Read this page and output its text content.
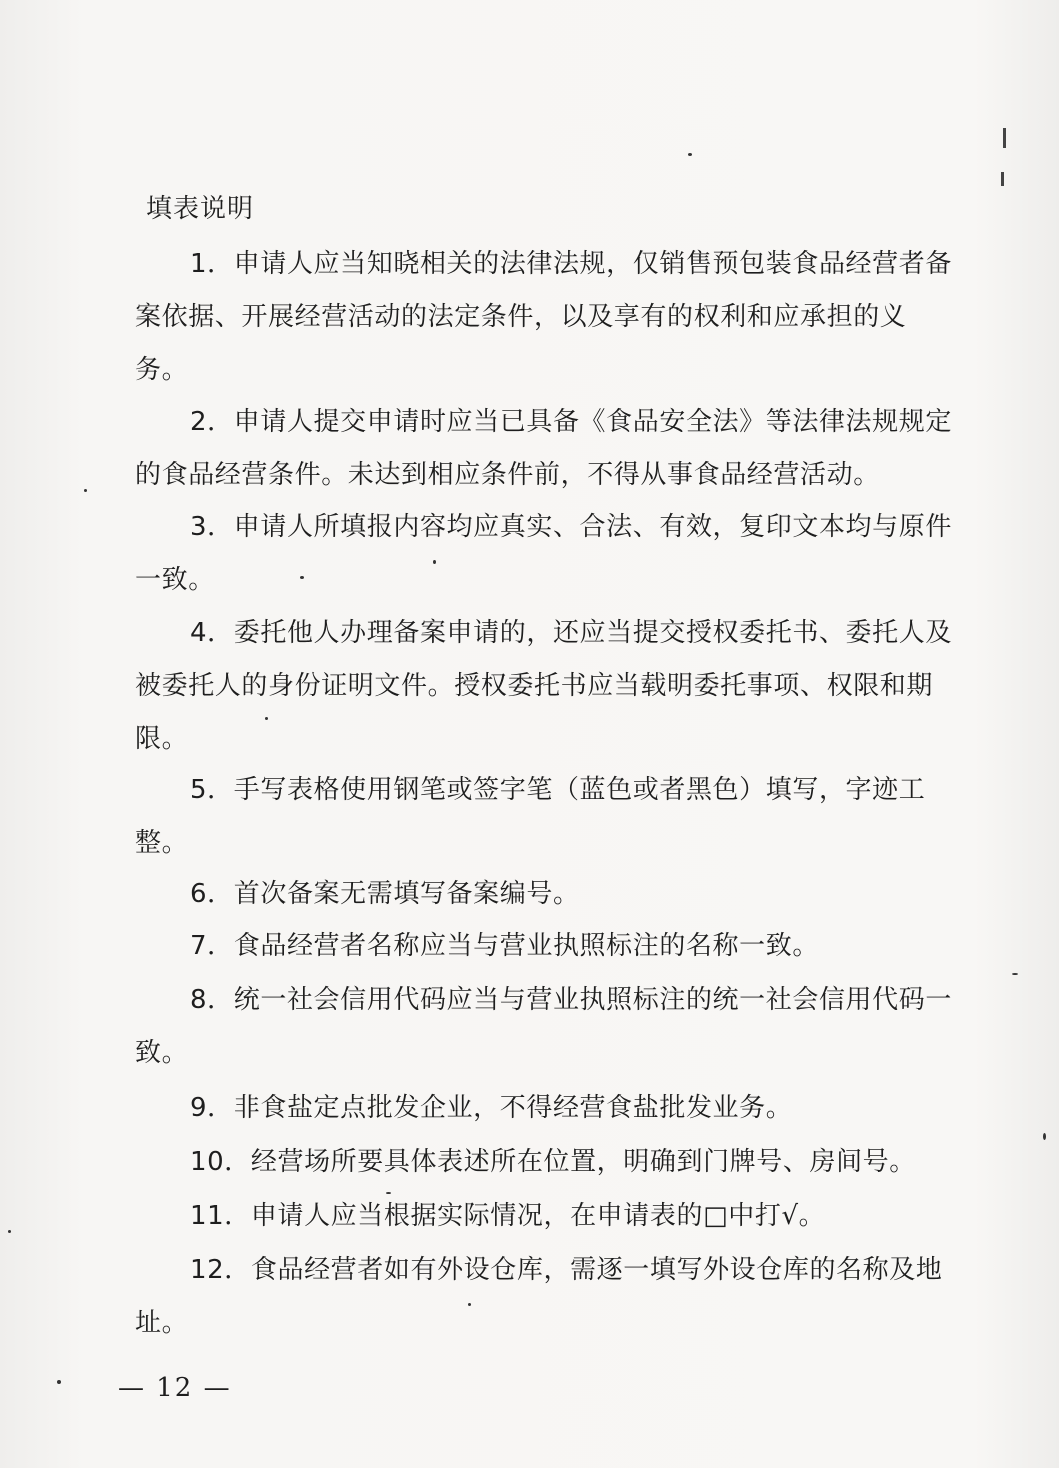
填表说明

1．申请人应当知晓相关的法律法规，仅销售预包装食品经营者备案依据、开展经营活动的法定条件，以及享有的权利和应承担的义务。

2．申请人提交申请时应当已具备《食品安全法》等法律法规规定的食品经营条件。未达到相应条件前，不得从事食品经营活动。

3．申请人所填报内容均应真实、合法、有效，复印文本均与原件一致。

4．委托他人办理备案申请的，还应当提交授权委托书、委托人及被委托人的身份证明文件。授权委托书应当载明委托事项、权限和期限。

5．手写表格使用钢笔或签字笔（蓝色或者黑色）填写，字迹工整。

6．首次备案无需填写备案编号。

7．食品经营者名称应当与营业执照标注的名称一致。

8．统一社会信用代码应当与营业执照标注的统一社会信用代码一致。

9．非食盐定点批发企业，不得经营食盐批发业务。

10．经营场所要具体表述所在位置，明确到门牌号、房间号。

11．申请人应当根据实际情况，在申请表的□中打√。

12．食品经营者如有外设仓库，需逐一填写外设仓库的名称及地址。

— 12 —
